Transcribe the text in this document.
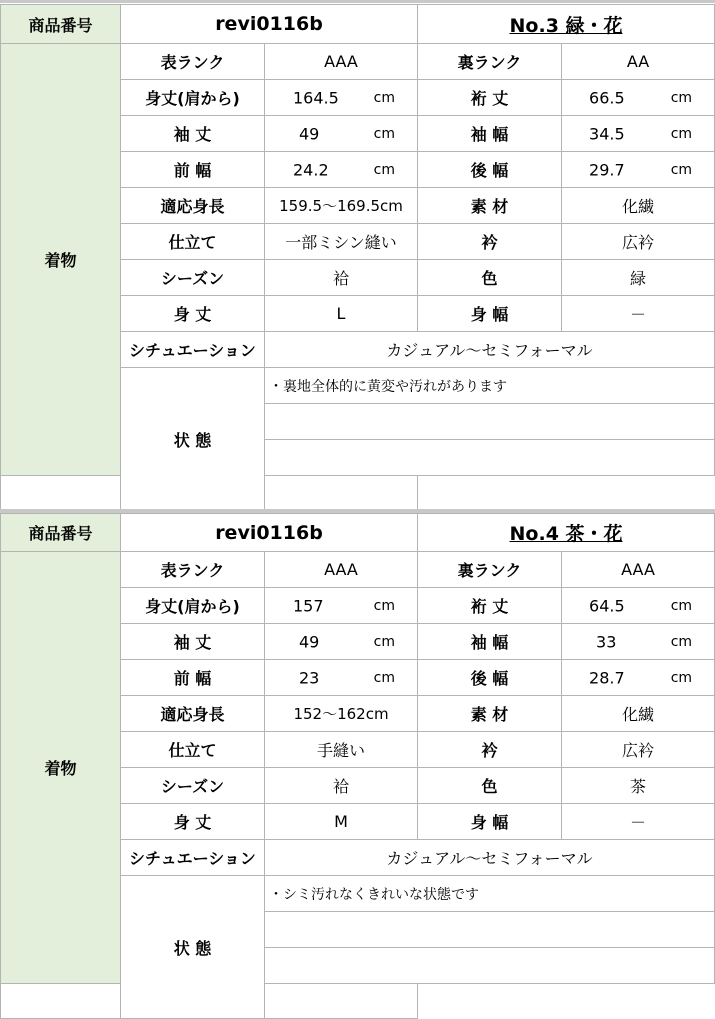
商品番号	revi0116b		No.3 緑・花	
着物	表ランク	AAA	裏ランク	AA
	身丈(肩から)	164.5 cm	裄 丈	66.5 cm

	袖 丈	49 cm	袖 幅	34.5 cm

	前 幅	24.2 cm	後 幅	29.7 cm

	適応身長	159.5～169.5cm	素 材	化繊
	仕立て	一部ミシン縫い	衿	広衿
	シーズン	袷	色	緑
	身 丈	L	身 幅	－
	シチュエーション	カジュアル～セミフォーマル		
	状 態	・裏地全体的に黄変や汚れがあります		

商品番号	revi0116b		No.4 茶・花	
着物	表ランク	AAA	裏ランク	AAA
	身丈(肩から)	157 cm	裄 丈	64.5 cm

	袖 丈	49 cm	袖 幅	33 cm

	前 幅	23 cm	後 幅	28.7 cm

	適応身長	152～162cm	素 材	化繊
	仕立て	手縫い	衿	広衿
	シーズン	袷	色	茶
	身 丈	M	身 幅	－
	シチュエーション	カジュアル～セミフォーマル		
	状 態	・シミ汚れなくきれいな状態です		
